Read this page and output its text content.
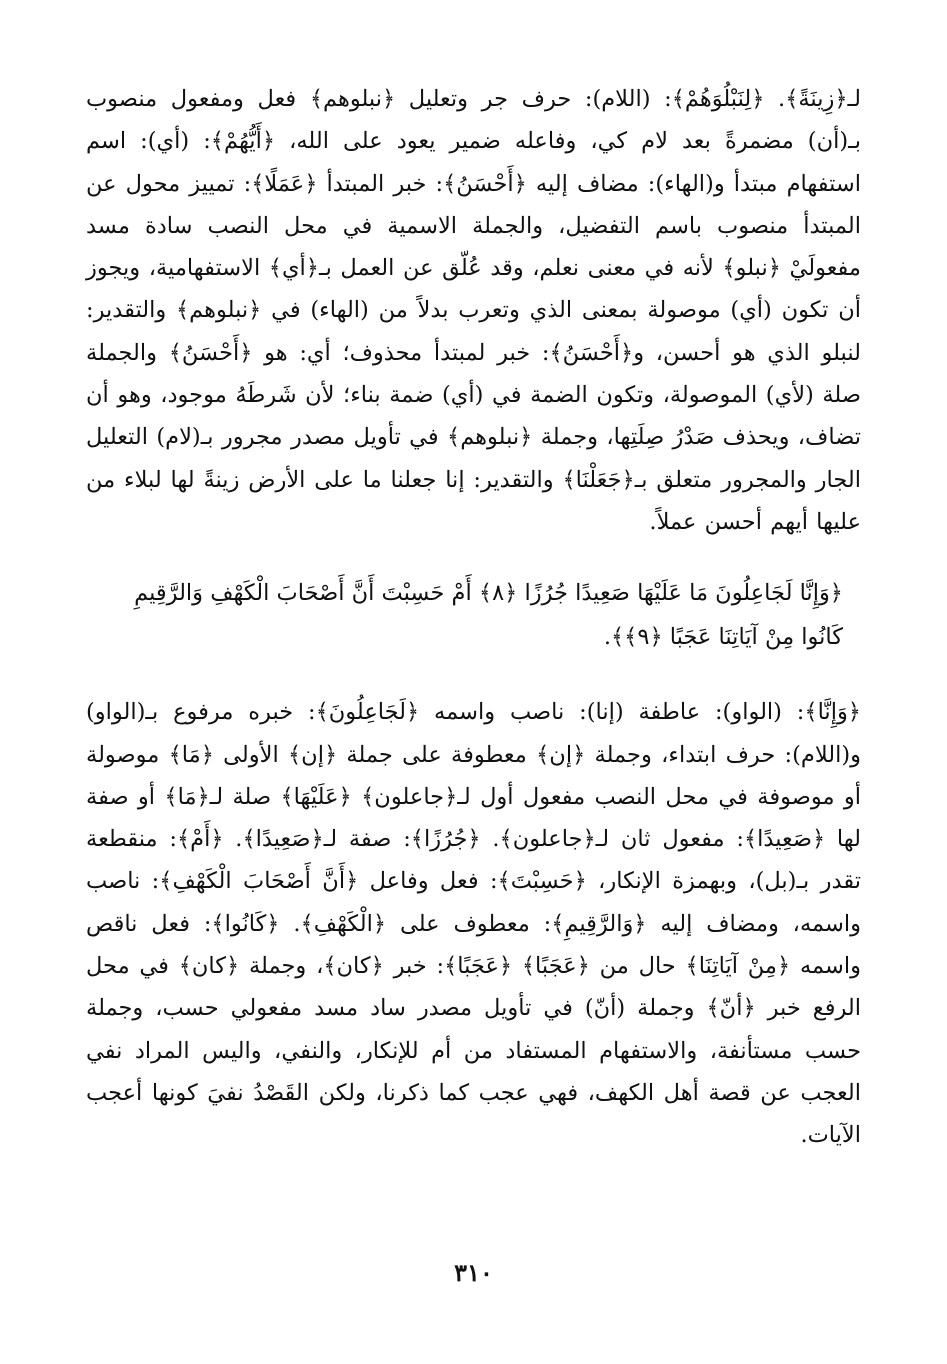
لـ﴿زِينَةً﴾. ﴿لِنَبْلُوَهُمْ﴾: (اللام): حرف جر وتعليل ﴿نبلوهم﴾ فعل ومفعول منصوب بـ(أن) مضمرةً بعد لام كي، وفاعله ضمير يعود على الله، ﴿أَيُّهُمْ﴾: (أي): اسم استفهام مبتدأ و(الهاء): مضاف إليه ﴿أَحْسَنُ﴾: خبر المبتدأ ﴿عَمَلًا﴾: تمييز محول عن المبتدأ منصوب باسم التفضيل، والجملة الاسمية في محل النصب سادة مسد مفعولَيْ ﴿نبلو﴾ لأنه في معنى نعلم، وقد عُلّق عن العمل بـ﴿أي﴾ الاستفهامية، ويجوز أن تكون (أي) موصولة بمعنى الذي وتعرب بدلاً من (الهاء) في ﴿نبلوهم﴾ والتقدير: لنبلو الذي هو أحسن، و﴿أَحْسَنُ﴾: خبر لمبتدأ محذوف؛ أي: هو ﴿أَحْسَنُ﴾ والجملة صلة (لأي) الموصولة، وتكون الضمة في (أي) ضمة بناء؛ لأن شَرطَهُ موجود، وهو أن تضاف، ويحذف صَدْرُ صِلَتِها، وجملة ﴿نبلوهم﴾ في تأويل مصدر مجرور بـ(لام) التعليل الجار والمجرور متعلق بـ﴿جَعَلْنَا﴾ والتقدير: إنا جعلنا ما على الأرض زينةً لها لبلاء من عليها أيهم أحسن عملاً.

﴿وَإِنَّا لَجَاعِلُونَ مَا عَلَيْهَا صَعِيدًا جُرُزًا ﴿٨﴾ أَمْ حَسِبْتَ أَنَّ أَصْحَابَ الْكَهْفِ وَالرَّقِيمِ كَانُوا مِنْ آيَاتِنَا عَجَبًا ﴿٩﴾﴾.

﴿وَإِنَّا﴾: (الواو): عاطفة (إنا): ناصب واسمه ﴿لَجَاعِلُونَ﴾: خبره مرفوع بـ(الواو) و(اللام): حرف ابتداء، وجملة ﴿إن﴾ معطوفة على جملة ﴿إن﴾ الأولى ﴿مَا﴾ موصولة أو موصوفة في محل النصب مفعول أول لـ﴿جاعلون﴾ ﴿عَلَيْهَا﴾ صلة لـ﴿مَا﴾ أو صفة لها ﴿صَعِيدًا﴾: مفعول ثان لـ﴿جاعلون﴾. ﴿جُرُزًا﴾: صفة لـ﴿صَعِيدًا﴾. ﴿أَمْ﴾: منقطعة تقدر بـ(بل)، وبهمزة الإنكار، ﴿حَسِبْتَ﴾: فعل وفاعل ﴿أَنَّ أَصْحَابَ الْكَهْفِ﴾: ناصب واسمه، ومضاف إليه ﴿وَالرَّقِيمِ﴾: معطوف على ﴿الْكَهْفِ﴾. ﴿كَانُوا﴾: فعل ناقص واسمه ﴿مِنْ آيَاتِنَا﴾ حال من ﴿عَجَبًا﴾ ﴿عَجَبًا﴾: خبر ﴿كان﴾، وجملة ﴿كان﴾ في محل الرفع خبر ﴿أنّ﴾ وجملة (أنّ) في تأويل مصدر ساد مسد مفعولي حسب، وجملة حسب مستأنفة، والاستفهام المستفاد من أم للإنكار، والنفي، واليس المراد نفي العجب عن قصة أهل الكهف، فهي عجب كما ذكرنا، ولكن القَصْدُ نفيَ كونها أعجب الآيات.

٣١٠
